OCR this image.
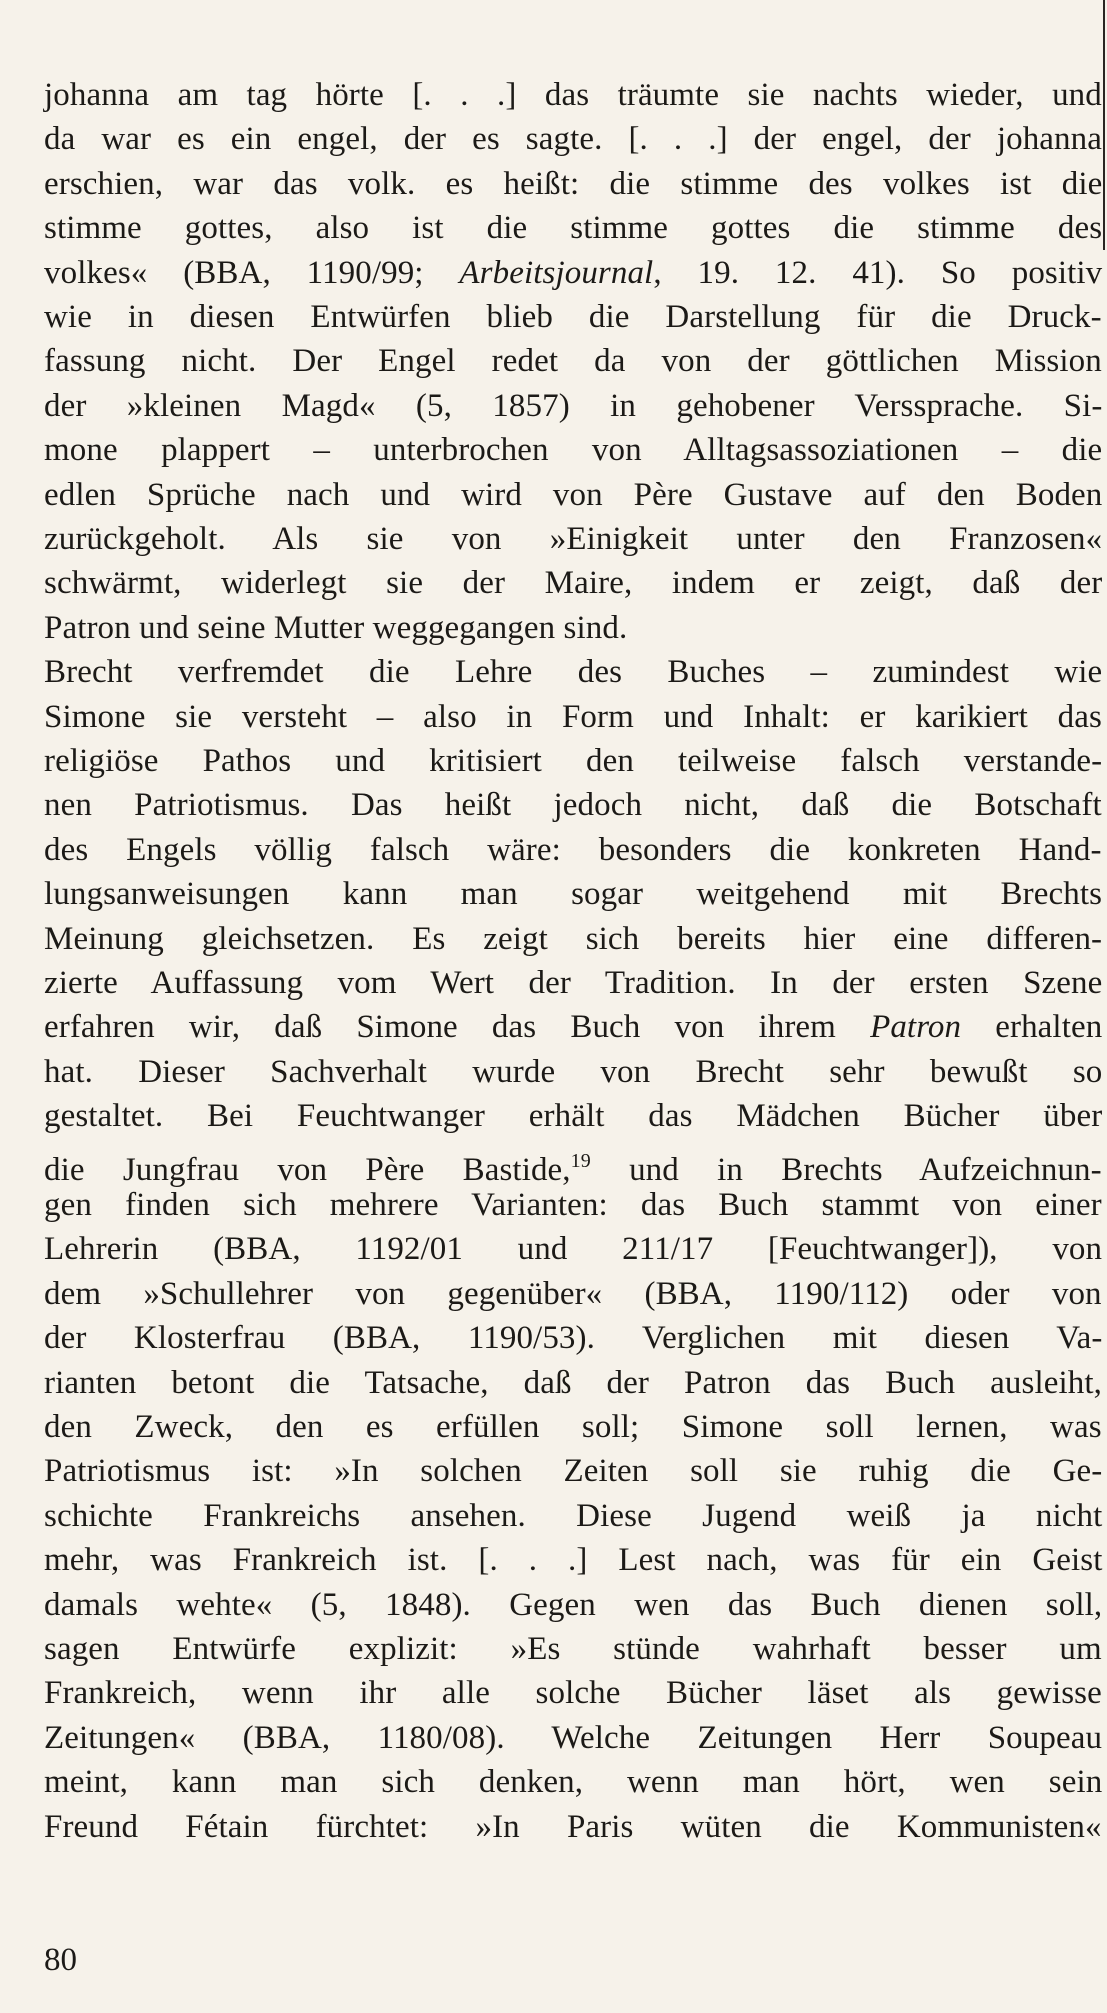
johanna am tag hörte [. . .] das träumte sie nachts wieder, und
da war es ein engel, der es sagte. [. . .] der engel, der johanna
erschien, war das volk. es heißt: die stimme des volkes ist die
stimme gottes, also ist die stimme gottes die stimme des
volkes« (BBA, 1190/99; Arbeitsjournal, 19. 12. 41). So positiv
wie in diesen Entwürfen blieb die Darstellung für die Druck-
fassung nicht. Der Engel redet da von der göttlichen Mission
der »kleinen Magd« (5, 1857) in gehobener Verssprache. Si-
mone plappert – unterbrochen von Alltagsassoziationen – die
edlen Sprüche nach und wird von Père Gustave auf den Boden
zurückgeholt. Als sie von »Einigkeit unter den Franzosen«
schwärmt, widerlegt sie der Maire, indem er zeigt, daß der
Patron und seine Mutter weggegangen sind.
Brecht verfremdet die Lehre des Buches – zumindest wie
Simone sie versteht – also in Form und Inhalt: er karikiert das
religiöse Pathos und kritisiert den teilweise falsch verstande-
nen Patriotismus. Das heißt jedoch nicht, daß die Botschaft
des Engels völlig falsch wäre: besonders die konkreten Hand-
lungsanweisungen kann man sogar weitgehend mit Brechts
Meinung gleichsetzen. Es zeigt sich bereits hier eine differen-
zierte Auffassung vom Wert der Tradition. In der ersten Szene
erfahren wir, daß Simone das Buch von ihrem Patron erhalten
hat. Dieser Sachverhalt wurde von Brecht sehr bewußt so
gestaltet. Bei Feuchtwanger erhält das Mädchen Bücher über
die Jungfrau von Père Bastide,$^{19}$ und in Brechts Aufzeichnun-
gen finden sich mehrere Varianten: das Buch stammt von einer
Lehrerin (BBA, 1192/01 und 211/17 [Feuchtwanger]), von
dem »Schullehrer von gegenüber« (BBA, 1190/112) oder von
der Klosterfrau (BBA, 1190/53). Verglichen mit diesen Va-
rianten betont die Tatsache, daß der Patron das Buch ausleiht,
den Zweck, den es erfüllen soll; Simone soll lernen, was
Patriotismus ist: »In solchen Zeiten soll sie ruhig die Ge-
schichte Frankreichs ansehen. Diese Jugend weiß ja nicht
mehr, was Frankreich ist. [. . .] Lest nach, was für ein Geist
damals wehte« (5, 1848). Gegen wen das Buch dienen soll,
sagen Entwürfe explizit: »Es stünde wahrhaft besser um
Frankreich, wenn ihr alle solche Bücher läset als gewisse
Zeitungen« (BBA, 1180/08). Welche Zeitungen Herr Soupeau
meint, kann man sich denken, wenn man hört, wen sein
Freund Fétain fürchtet: »In Paris wüten die Kommunisten«
80
